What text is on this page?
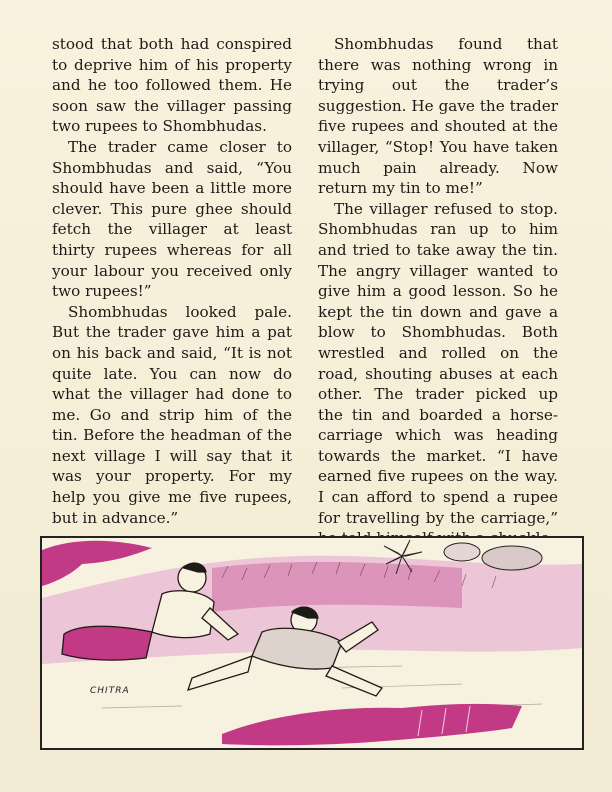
stood that both had conspired to deprive him of his property and he too followed them. He soon saw the villager passing two rupees to Shombhudas.

The trader came closer to Shombhudas and said, “You should have been a little more clever. This pure ghee should fetch the villager at least thirty rupees whereas for all your labour you received only two rupees!”

Shombhudas looked pale. But the trader gave him a pat on his back and said, “It is not quite late. You can now do what the villager had done to me. Go and strip him of the tin. Before the headman of the next village I will say that it was your property. For my help you give me five rupees, but in advance.”

Shombhudas found that there was nothing wrong in trying out the trader’s suggestion. He gave the trader five rupees and shouted at the villager, “Stop! You have taken much pain already. Now return my tin to me!”

The villager refused to stop. Shombhudas ran up to him and tried to take away the tin. The angry villager wanted to give him a good lesson. So he kept the tin down and gave a blow to Shombhudas. Both wrestled and rolled on the road, shouting abuses at each other. The trader picked up the tin and boarded a horse-carriage which was heading towards the market. “I have earned five rupees on the way. I can afford to spend a rupee for travelling by the carriage,”

CHITRA
